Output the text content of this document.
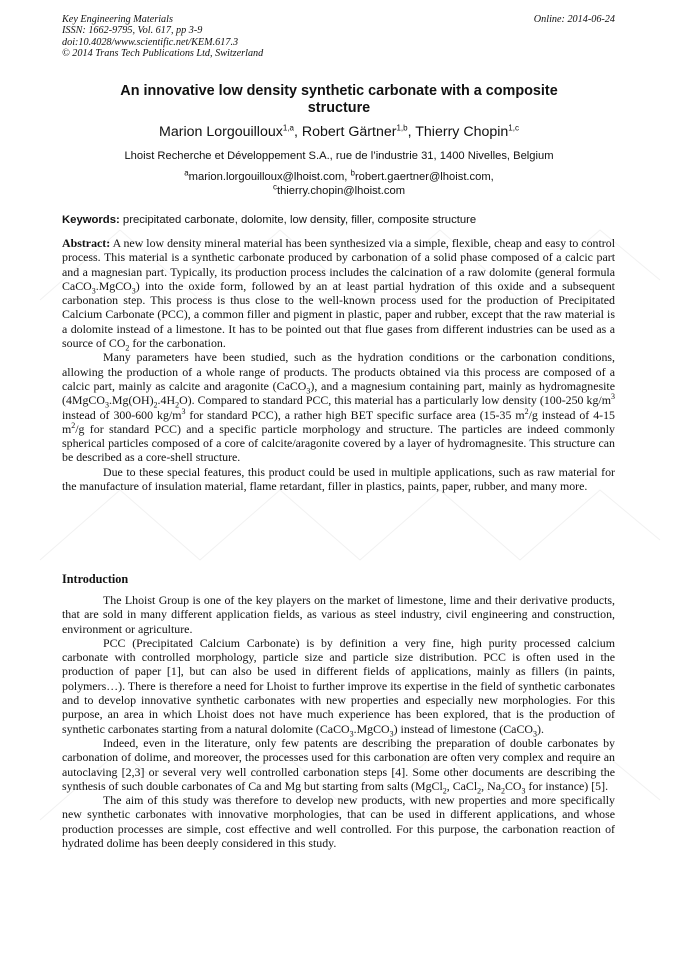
Key Engineering Materials
ISSN: 1662-9795, Vol. 617, pp 3-9
doi:10.4028/www.scientific.net/KEM.617.3
© 2014 Trans Tech Publications Ltd, Switzerland
Online: 2014-06-24
An innovative low density synthetic carbonate with a composite
structure
Marion Lorgouilloux$^{1,a}$, Robert Gärtner$^{1,b}$, Thierry Chopin$^{1,c}$
Lhoist Recherche et Développement S.A., rue de l’industrie 31, 1400 Nivelles, Belgium
$^a$marion.lorgouilloux@lhoist.com, $^b$robert.gaertner@lhoist.com,
$^c$thierry.chopin@lhoist.com
Keywords: precipitated carbonate, dolomite, low density, filler, composite structure

Abstract: A new low density mineral material has been synthesized via a simple, flexible, cheap and easy to control process. This material is a synthetic carbonate produced by carbonation of a solid phase composed of a calcic part and a magnesian part. Typically, its production process includes the calcination of a raw dolomite (general formula CaCO$_3$.MgCO$_3$) into the oxide form, followed by an at least partial hydration of this oxide and a subsequent carbonation step. This process is thus close to the well-known process used for the production of Precipitated Calcium Carbonate (PCC), a common filler and pigment in plastic, paper and rubber, except that the raw material is a dolomite instead of a limestone. It has to be pointed out that flue gases from different industries can be used as a source of $CO_2$ for the carbonation.

Many parameters have been studied, such as the hydration conditions or the carbonation conditions, allowing the production of a whole range of products. The products obtained via this process are composed of a calcic part, mainly as calcite and aragonite (CaCO$_3$), and a magnesium containing part, mainly as hydromagnesite $(4MgCO_3.Mg(OH)_2.4H_2O)$. Compared to standard PCC, this material has a particularly low density (100-250 $kg/m^3$ instead of 300-600 $kg/m^3$ for standard PCC), a rather high BET specific surface area (15-35 $m^2/g$ instead of 4-15 $m^2/g$ for standard PCC) and a specific particle morphology and structure. The particles are indeed commonly spherical particles composed of a core of calcite/aragonite covered by a layer of hydromagnesite. This structure can be described as a core-shell structure.

Due to these special features, this product could be used in multiple applications, such as raw material for the manufacture of insulation material, flame retardant, filler in plastics, paints, paper, rubber, and many more.

Introduction

The Lhoist Group is one of the key players on the market of limestone, lime and their derivative products, that are sold in many different application fields, as various as steel industry, civil engineering and construction, environment or agriculture.

PCC (Precipitated Calcium Carbonate) is by definition a very fine, high purity processed calcium carbonate with controlled morphology, particle size and particle size distribution. PCC is often used in the production of paper [1], but can also be used in different fields of applications, mainly as fillers (in paints, polymers…). There is therefore a need for Lhoist to further improve its expertise in the field of synthetic carbonates and to develop innovative synthetic carbonates with new properties and especially new morphologies. For this purpose, an area in which Lhoist does not have much experience has been explored, that is the production of synthetic carbonates starting from a natural dolomite (CaCO$_3$.MgCO$_3$) instead of limestone (CaCO$_3$).

Indeed, even in the literature, only few patents are describing the preparation of double carbonates by carbonation of dolime, and moreover, the processes used for this carbonation are often very complex and require an autoclaving [2,3] or several very well controlled carbonation steps [4]. Some other documents are describing the synthesis of such double carbonates of Ca and Mg but starting from salts (MgCl$_2$, CaCl$_2$, $Na_2CO_3$ for instance) [5].

The aim of this study was therefore to develop new products, with new properties and more specifically new synthetic carbonates with innovative morphologies, that can be used in different applications, and whose production processes are simple, cost effective and well controlled. For this purpose, the carbonation reaction of hydrated dolime has been deeply considered in this study.
